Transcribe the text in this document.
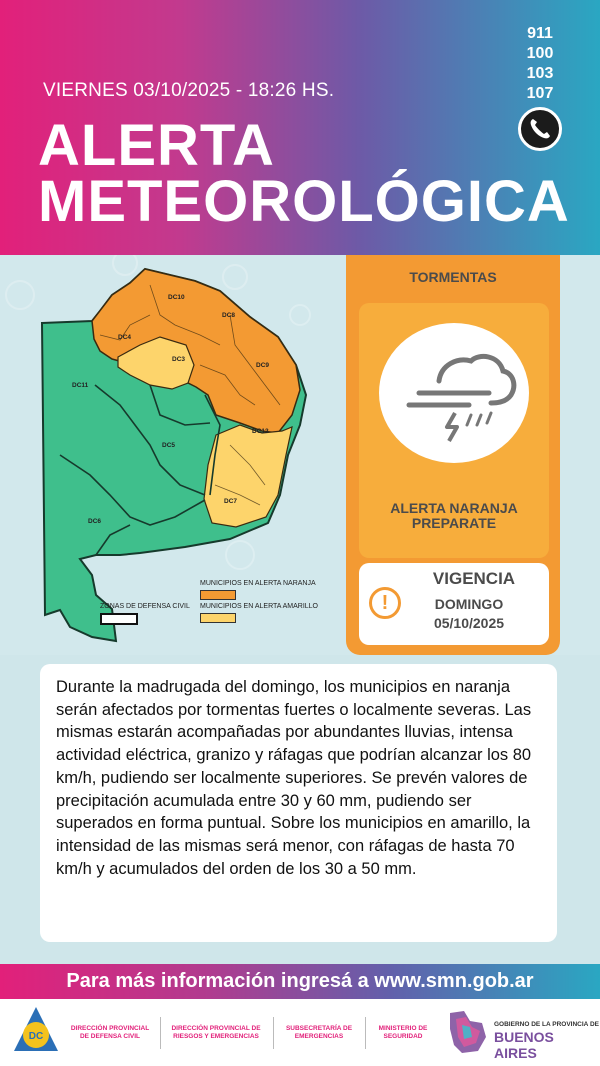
VIERNES 03/10/2025 - 18:26 HS.
ALERTA
METEOROLÓGICA
911
100
103
107
DC10
DC8
DC4
DC3
DC9
DC11
DC12
DC5
DC7
DC6
MUNICIPIOS EN ALERTA NARANJA
ZONAS DE DEFENSA CIVIL MUNICIPIOS EN ALERTA AMARILLO
TORMENTAS
ALERTA NARANJA
PREPARATE
!
VIGENCIA
DOMINGO
05/10/2025
Durante la madrugada del domingo, los municipios en naranja serán afectados por tormentas fuertes o localmente severas. Las mismas estarán acompañadas por abundantes lluvias, intensa actividad eléctrica, granizo y ráfagas que podrían alcanzar los 80 km/h, pudiendo ser localmente superiores. Se prevén valores de precipitación acumulada entre 30 y 60 mm, pudiendo ser superados en forma puntual. Sobre los municipios en amarillo, la intensidad de las mismas será menor, con ráfagas de hasta 70 km/h y acumulados del orden de los 30 a 50 mm.
Para más información ingresá a www.smn.gob.ar
DC
DIRECCIÓN PROVINCIAL
DE DEFENSA CIVIL
DIRECCIÓN PROVINCIAL DE
RIESGOS Y EMERGENCIAS
SUBSECRETARÍA DE
EMERGENCIAS
MINISTERIO DE
SEGURIDAD
GOBIERNO DE LA PROVINCIA DE
BUENOS AIRES
